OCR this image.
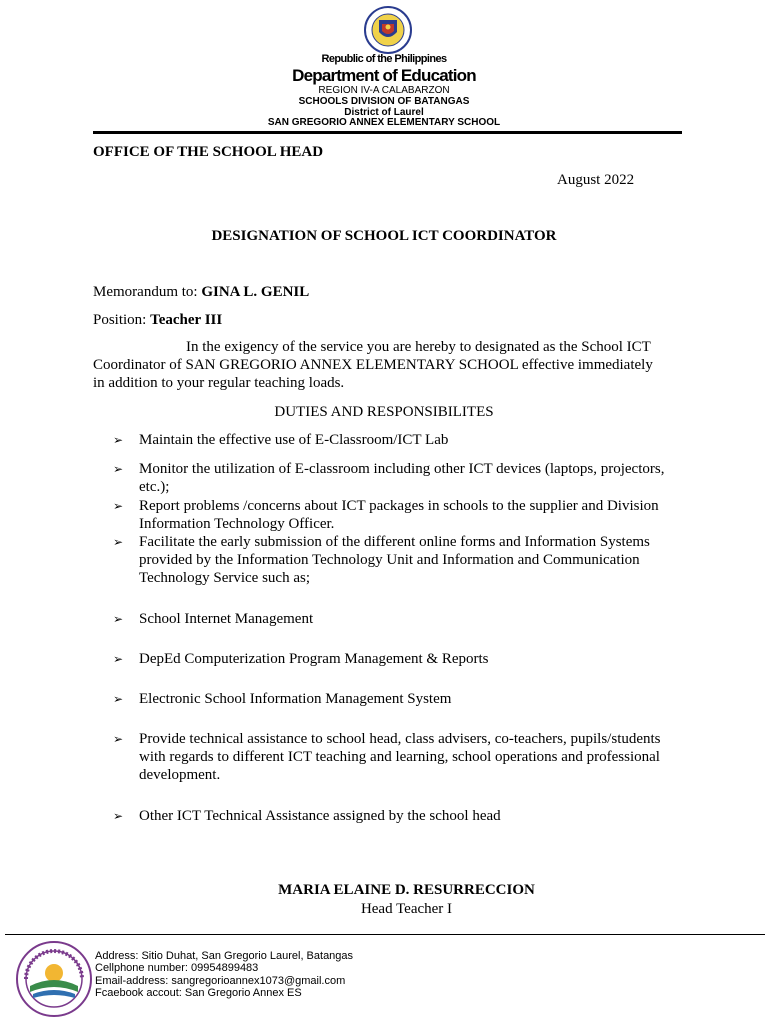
Republic of the Philippines
Department of Education
REGION IV-A CALABARZON
SCHOOLS DIVISION OF BATANGAS
District of Laurel
SAN GREGORIO ANNEX ELEMENTARY SCHOOL
OFFICE OF THE SCHOOL HEAD
August 2022
DESIGNATION OF SCHOOL ICT COORDINATOR
Memorandum to: GINA L. GENIL
Position: Teacher III
In the exigency of the service you are hereby to designated as the School ICT
Coordinator of SAN GREGORIO ANNEX ELEMENTARY SCHOOL effective immediately
in addition to your regular teaching loads.
DUTIES AND RESPONSIBILITES
➢	Maintain the effective use of E-Classroom/ICT Lab
➢	Monitor the utilization of E-classroom including other ICT devices (laptops, projectors, etc.);
➢	Report problems /concerns about ICT packages in schools to the supplier and Division Information Technology Officer.
➢	Facilitate the early submission of the different online forms and Information Systems provided by the Information Technology Unit and Information and Communication Technology Service such as;
➢	School Internet Management
➢	DepEd Computerization Program Management & Reports
➢	Electronic School Information Management System
➢	Provide technical assistance to school head, class advisers, co-teachers, pupils/students with regards to different ICT teaching and learning, school operations and professional development.
➢	Other ICT Technical Assistance assigned by the school head
MARIA ELAINE D. RESURRECCION
Head Teacher I
Address: Sitio Duhat, San Gregorio Laurel, Batangas
Cellphone number: 09954899483
Email-address: sangregorioannex1073@gmail.com
Fcaebook accout: San Gregorio Annex ES
